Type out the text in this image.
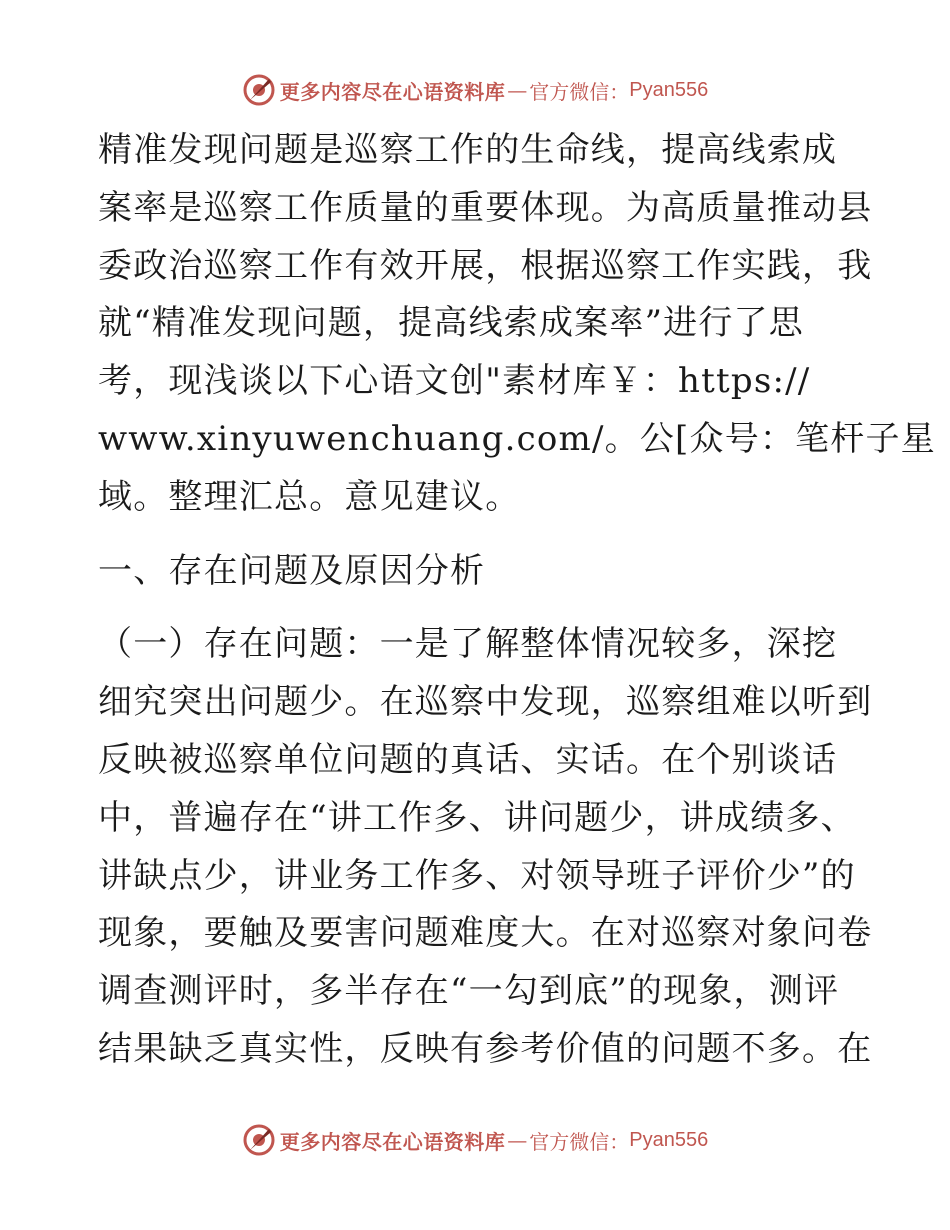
更多内容尽在心语资料库 — 官方微信： Pyan556
精准发现问题是巡察工作的生命线，提高线索成
案率是巡察工作质量的重要体现。为高质量推动县
委政治巡察工作有效开展，根据巡察工作实践，我
就“精准发现问题，提高线索成案率”进行了思
考，现浅谈以下心语文创"素材库￥：https://
www.xinyuwenchuang.com/。公[众号：笔杆子星
域。整理汇总。意见建议。
一、存在问题及原因分析
（一）存在问题：一是了解整体情况较多，深挖
细究突出问题少。在巡察中发现，巡察组难以听到
反映被巡察单位问题的真话、实话。在个别谈话
中，普遍存在“讲工作多、讲问题少，讲成绩多、
讲缺点少，讲业务工作多、对领导班子评价少”的
现象，要触及要害问题难度大。在对巡察对象问卷
调查测评时，多半存在“一勾到底”的现象，测评
结果缺乏真实性，反映有参考价值的问题不多。在
更多内容尽在心语资料库 — 官方微信： Pyan556
